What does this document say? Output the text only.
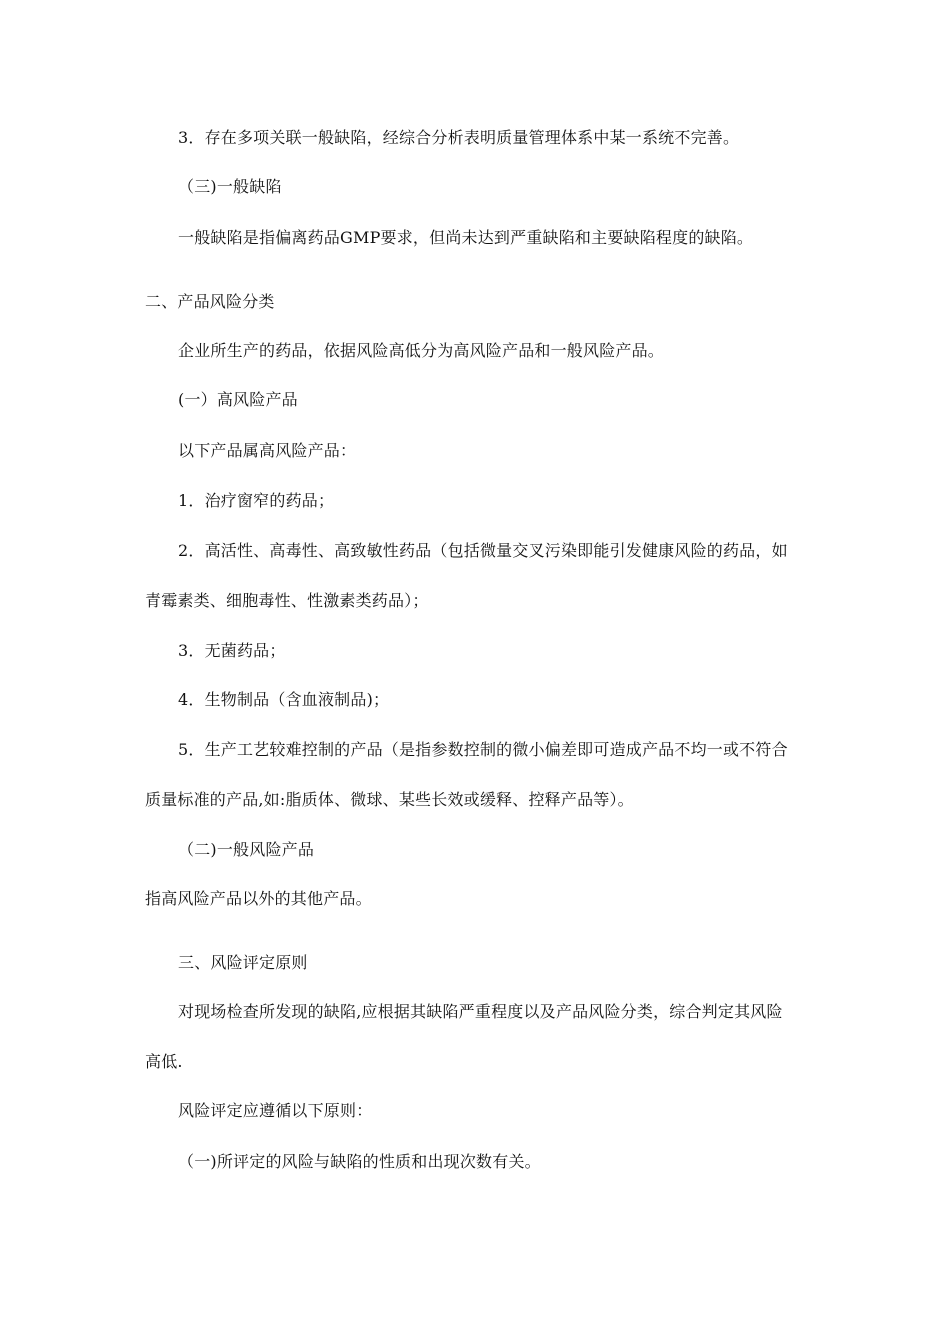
3．存在多项关联一般缺陷，经综合分析表明质量管理体系中某一系统不完善。
（三)一般缺陷
一般缺陷是指偏离药品GMP要求，但尚未达到严重缺陷和主要缺陷程度的缺陷。
二、产品风险分类
企业所生产的药品，依据风险高低分为高风险产品和一般风险产品。
(一）高风险产品
以下产品属高风险产品：
1．治疗窗窄的药品；
2．高活性、高毒性、高致敏性药品（包括微量交叉污染即能引发健康风险的药品，如
青霉素类、细胞毒性、性激素类药品）；
3．无菌药品；
4．生物制品（含血液制品)；
5．生产工艺较难控制的产品（是指参数控制的微小偏差即可造成产品不均一或不符合
质量标准的产品,如:脂质体、微球、某些长效或缓释、控释产品等）。
（二)一般风险产品
指高风险产品以外的其他产品。
三、风险评定原则
对现场检查所发现的缺陷,应根据其缺陷严重程度以及产品风险分类，综合判定其风险
高低.
风险评定应遵循以下原则：
（一)所评定的风险与缺陷的性质和出现次数有关。
